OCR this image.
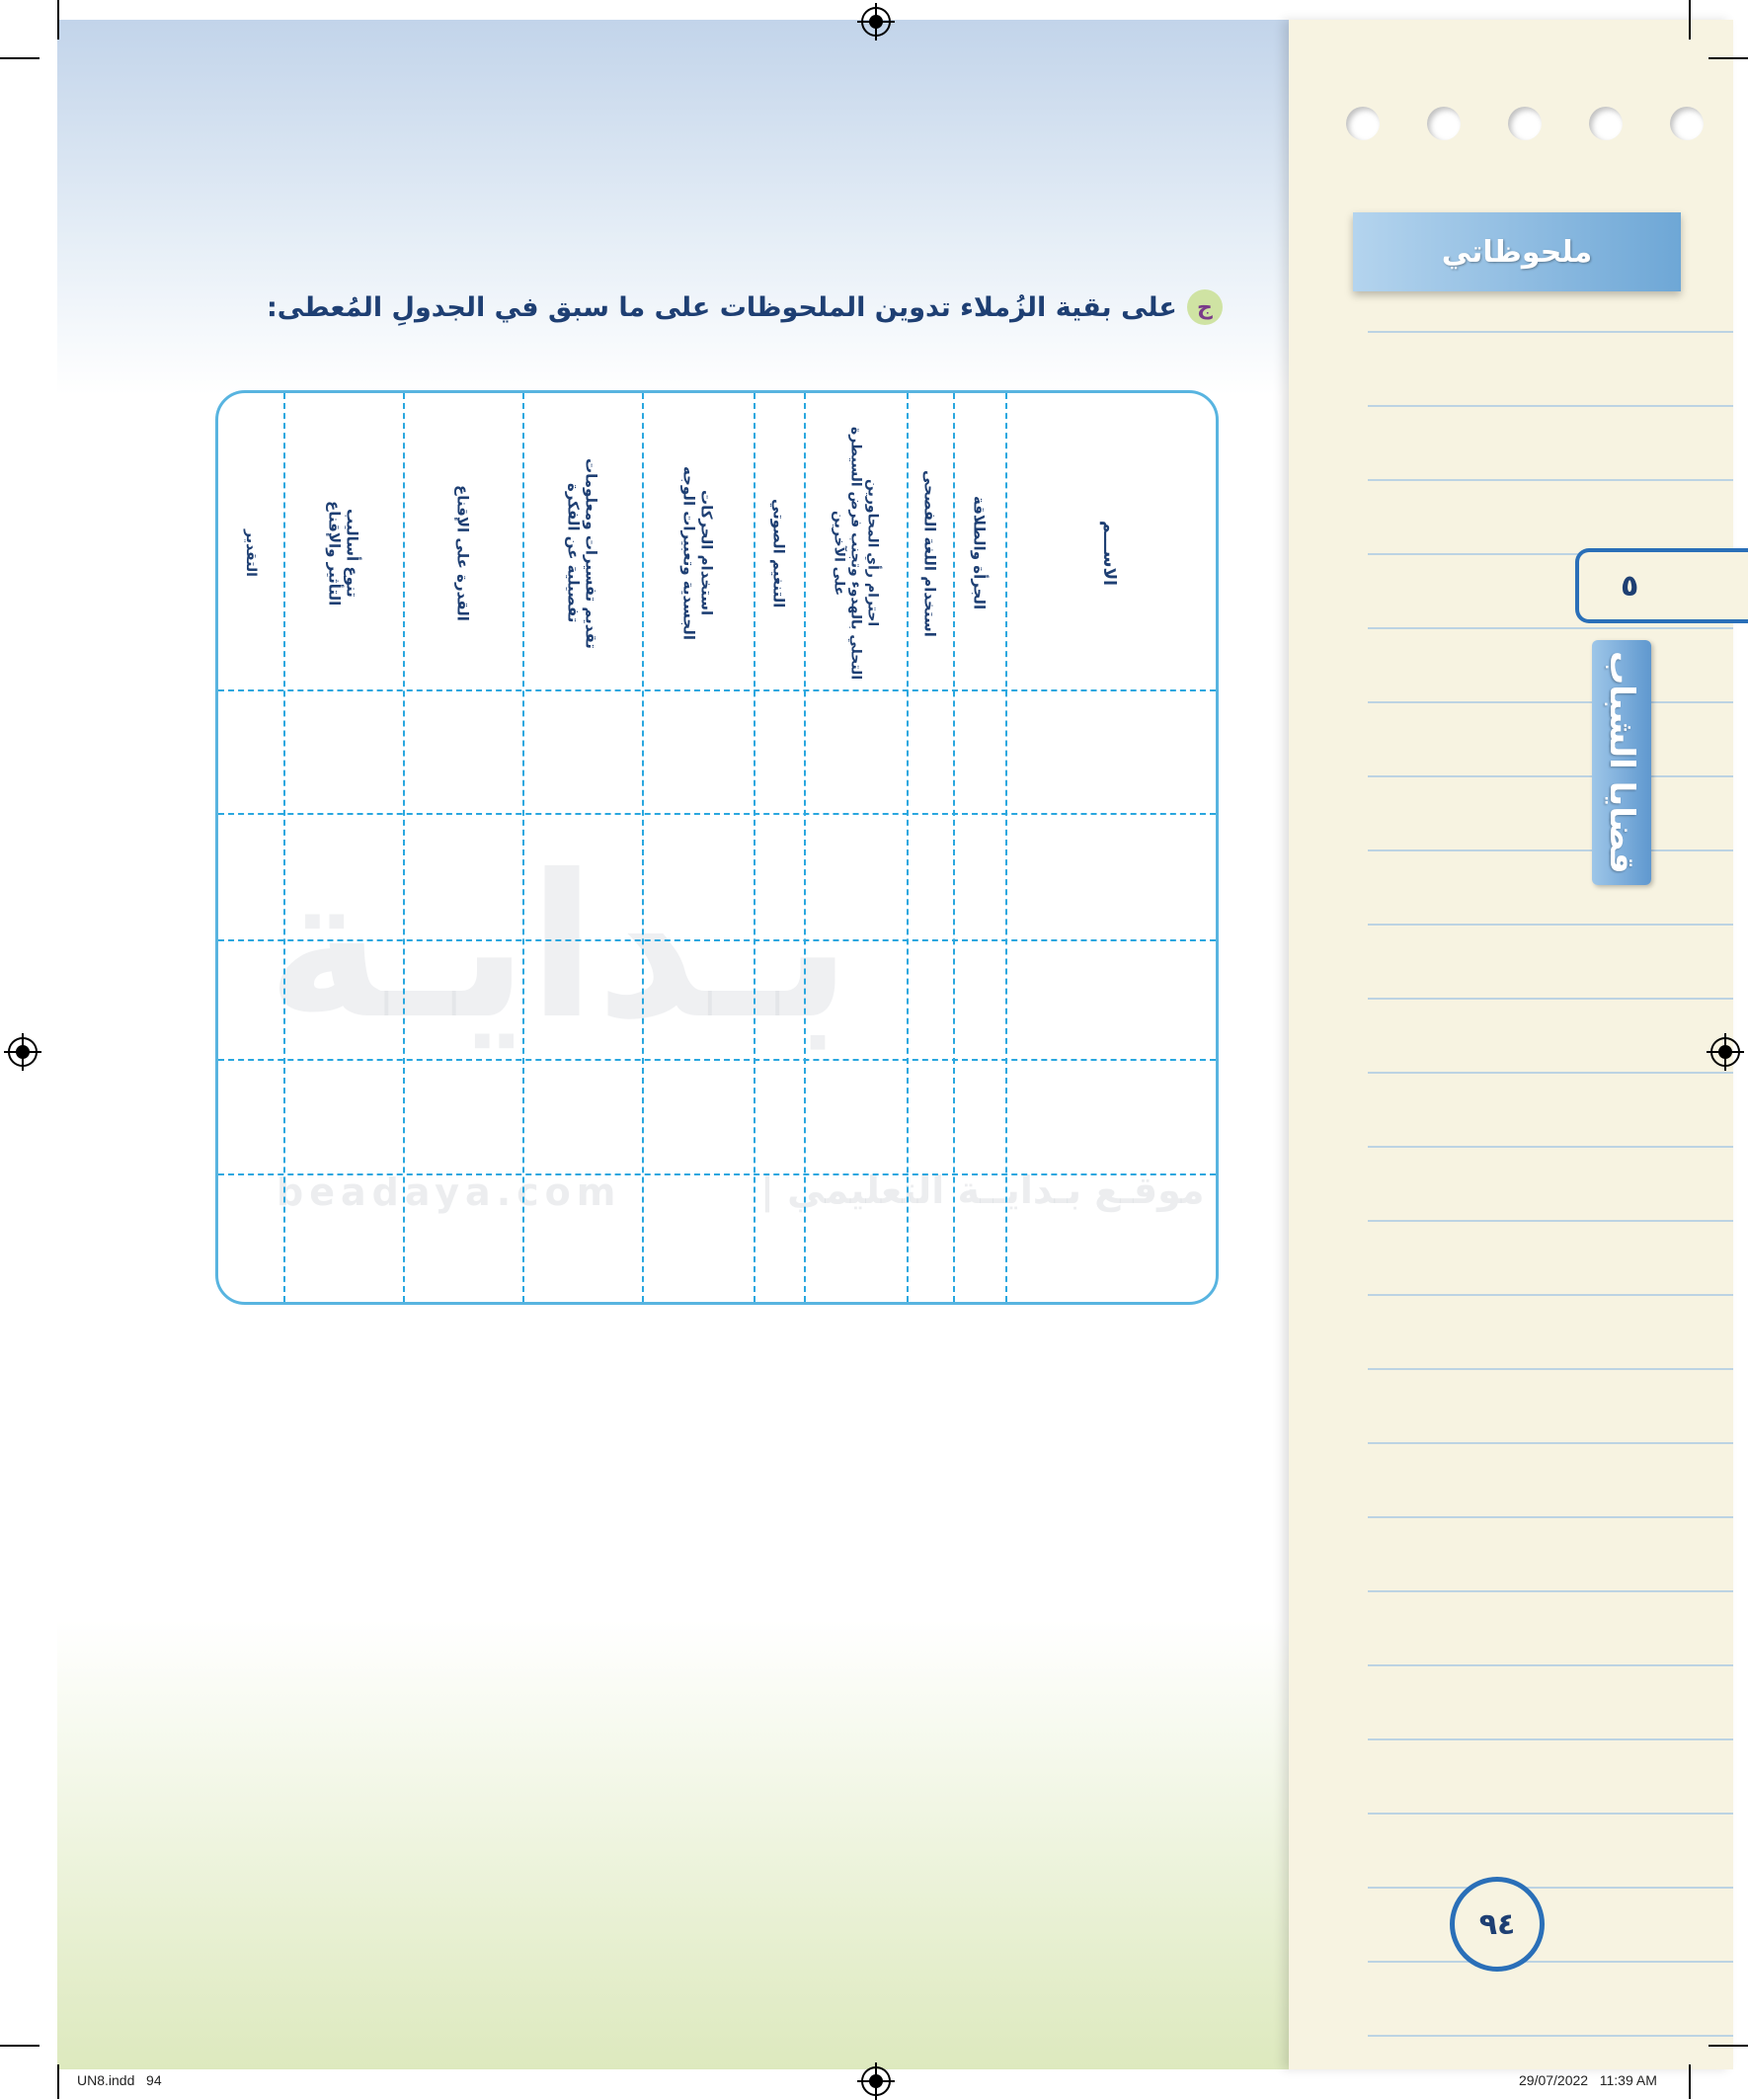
ملحوظاتي
٥
قضايا الشباب
٩٤
ج
على بقية الزُملاء تدوين الملحوظات على ما سبق في الجدولِ المُعطى:
بـدايـة
beadaya.com	موقـع بـدايــة التعليمي |
الاســـم
الجرأة والطلاقة
استخدام اللغة الفصحى
احترام رأي المحاورين
التحلي بالهدوء وتجنب فرض السيطرة
على الآخرين
التنغيم الصوتي
استخدام الحركات
الجسدية وتعبيرات الوجه
تقديم تفسيرات ومعلومات
تفصيلية عن الفكرة
القدرة على الإقناع
تنوع أساليب
التأثير والإقناع
التقدير
UN8.indd   94	29/07/2022   11:39 AM
